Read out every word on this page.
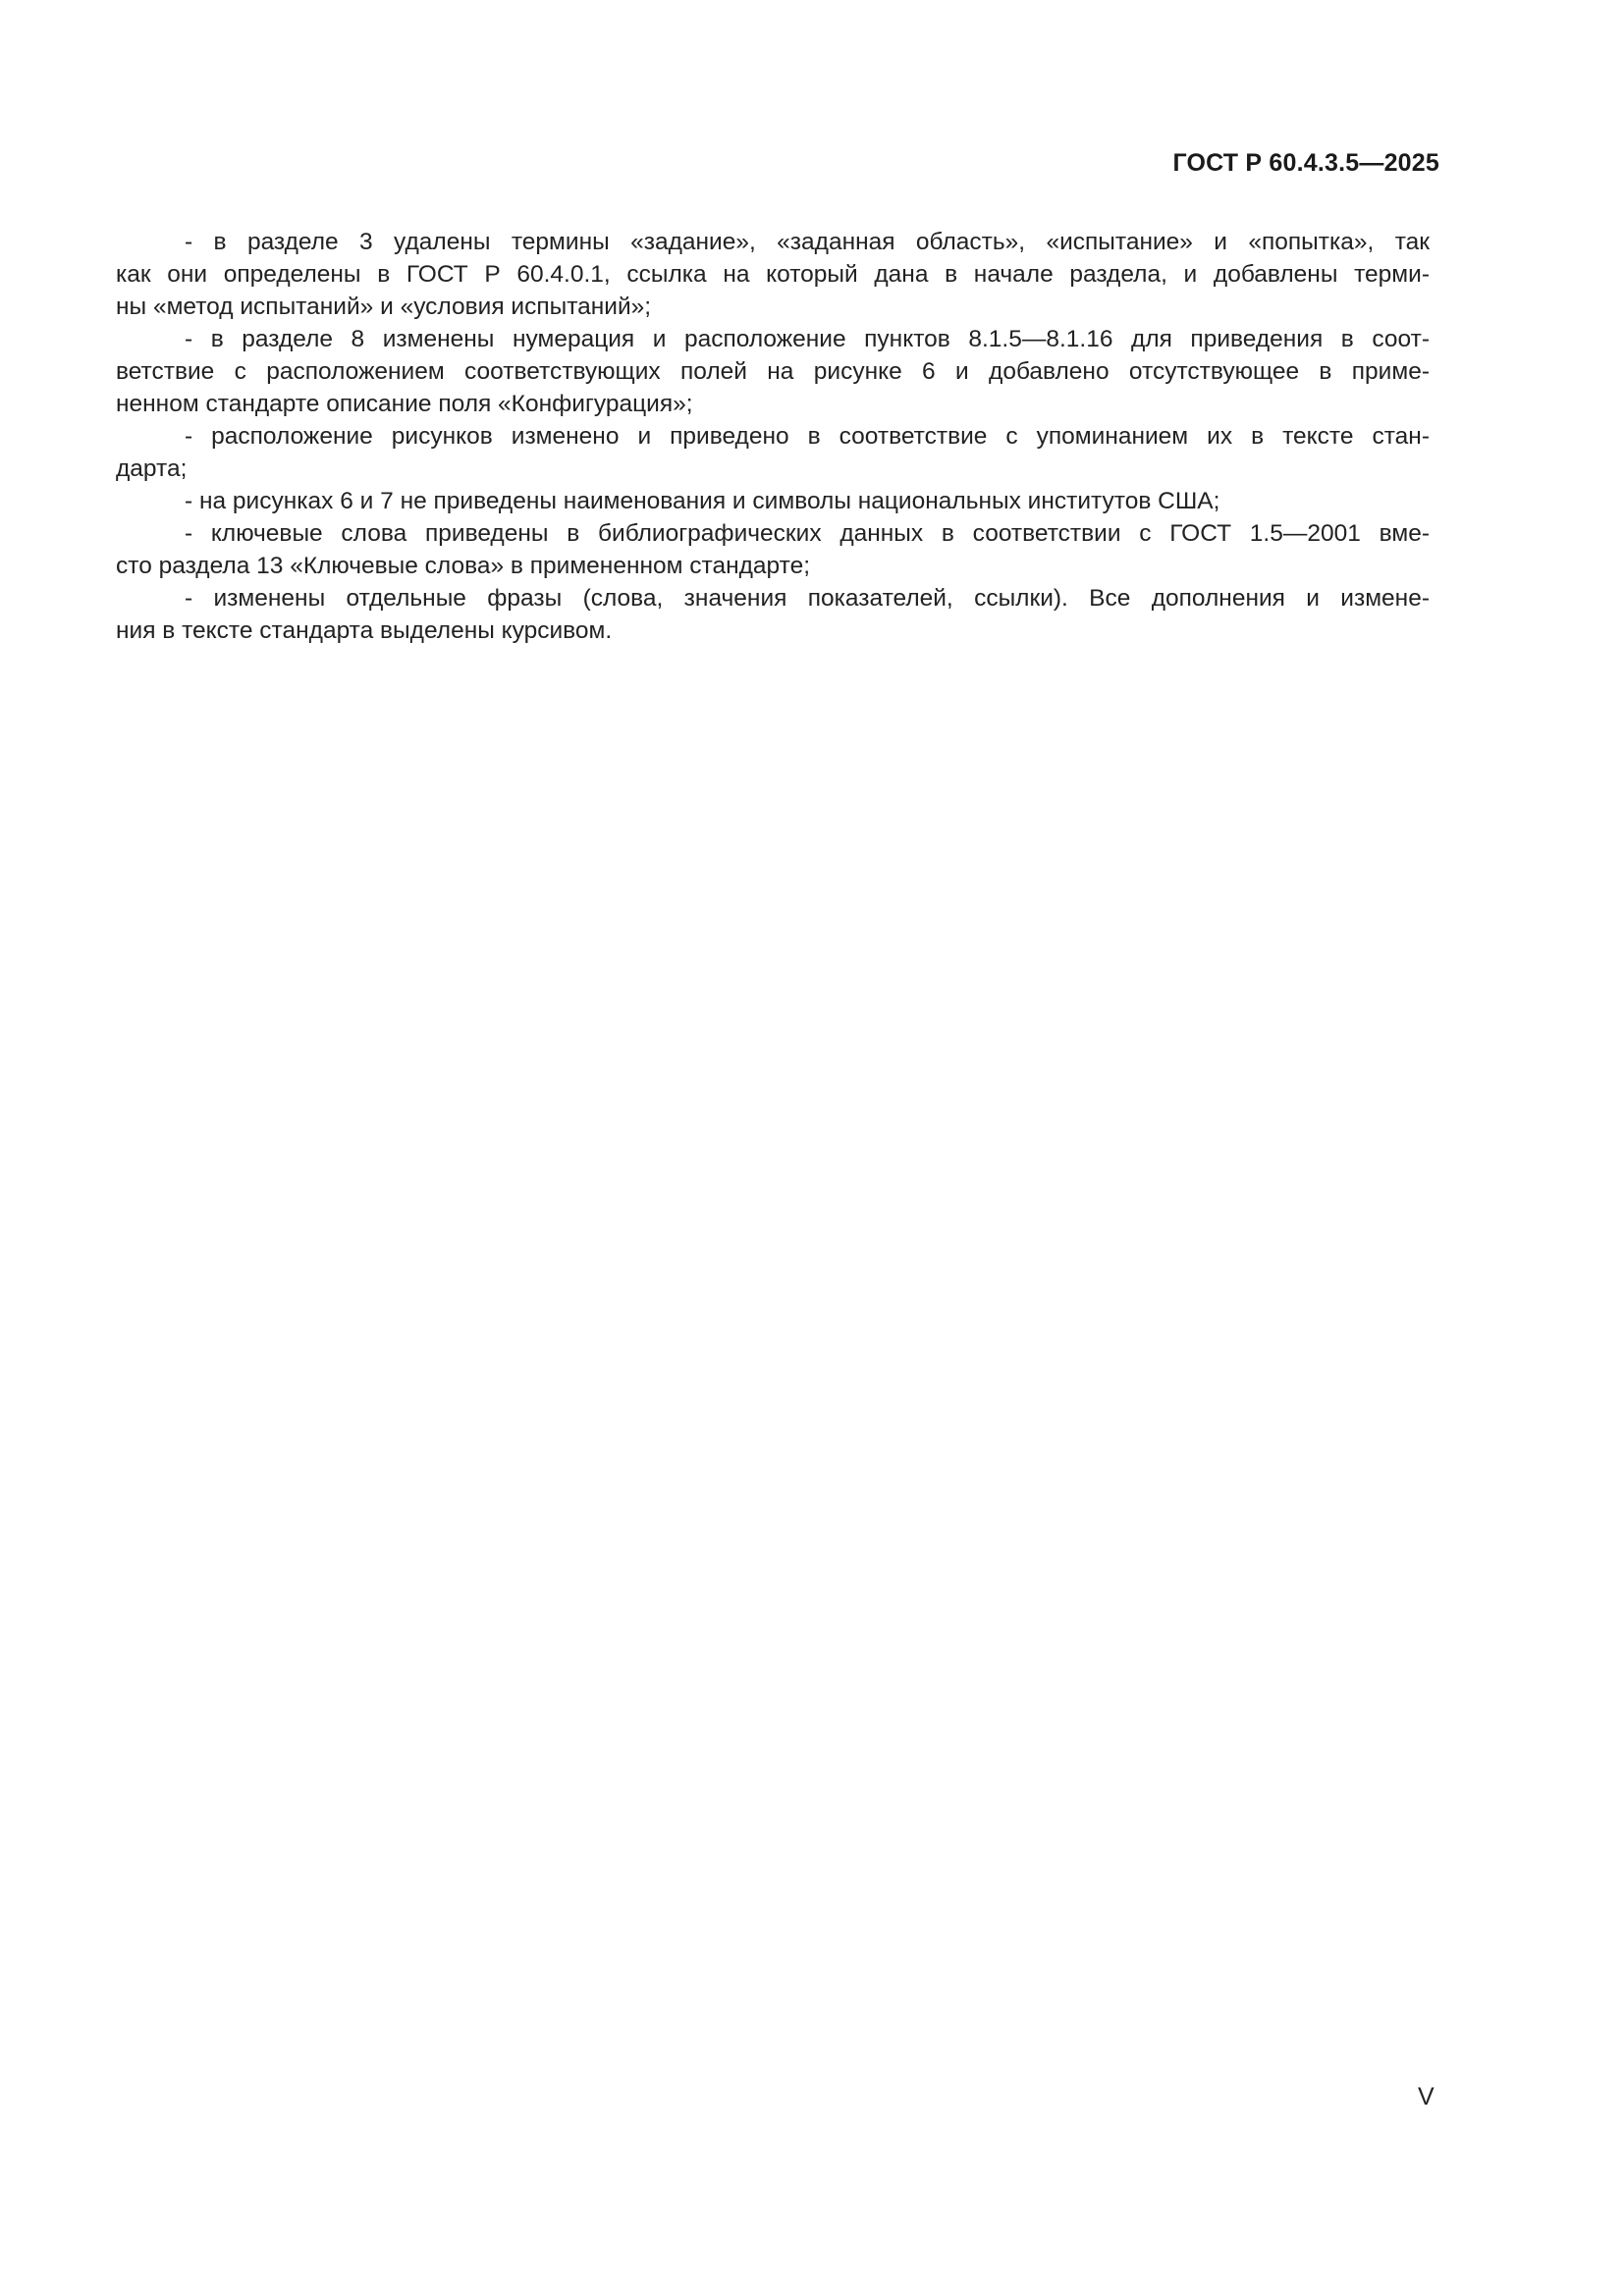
ГОСТ Р 60.4.3.5—2025
- в разделе 3 удалены термины «задание», «заданная область», «испытание» и «попытка», так
как они определены в ГОСТ Р 60.4.0.1, ссылка на который дана в начале раздела, и добавлены терми-
ны «метод испытаний» и «условия испытаний»;
- в разделе 8 изменены нумерация и расположение пунктов 8.1.5—8.1.16 для приведения в соот-
ветствие с расположением соответствующих полей на рисунке 6 и добавлено отсутствующее в приме-
ненном стандарте описание поля «Конфигурация»;
- расположение рисунков изменено и приведено в соответствие с упоминанием их в тексте стан-
дарта;
- на рисунках 6 и 7 не приведены наименования и символы национальных институтов США;
- ключевые слова приведены в библиографических данных в соответствии с ГОСТ 1.5—2001 вме-
сто раздела 13 «Ключевые слова» в примененном стандарте;
- изменены отдельные фразы (слова, значения показателей, ссылки). Все дополнения и измене-
ния в тексте стандарта выделены курсивом.
V
